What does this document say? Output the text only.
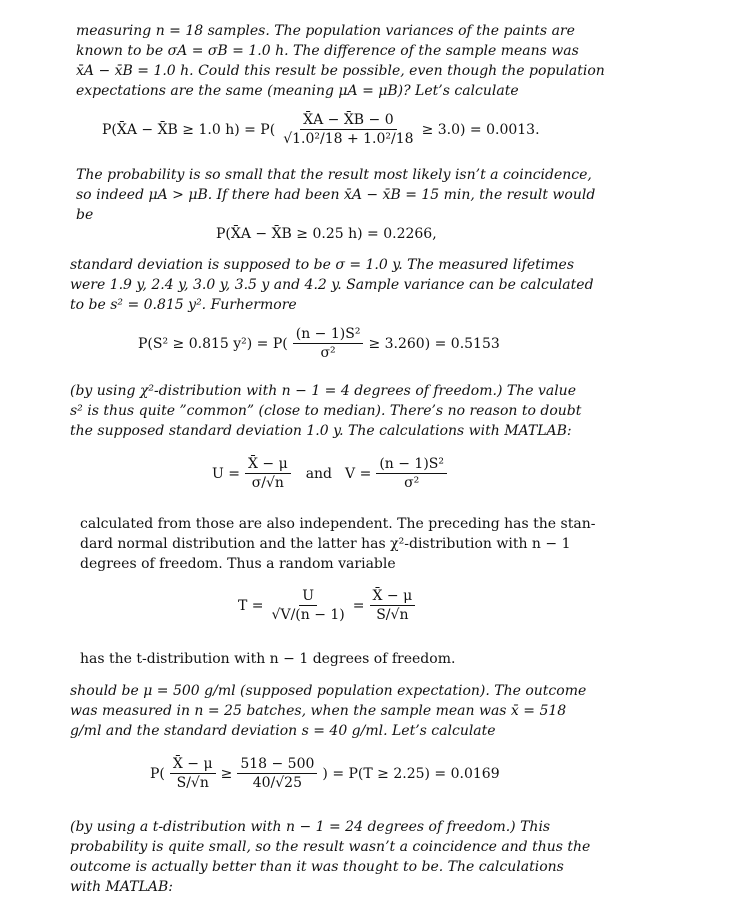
measuring n = 18 samples. The population variances of the paints are
known to be σA = σB = 1.0 h. The difference of the sample means was
x̄A − x̄B = 1.0 h. Could this result be possible, even though the population
expectations are the same (meaning μA = μB)? Let’s calculate
P(X̄A − X̄B ≥ 1.0 $h) = P( \frac{X̄A - X̄B - 0}{\text{√1.0²/18 + 1.0²/18}} \ge 3.0) = 0.0013$.
The probability is so small that the result most likely isn’t a coincidence,
so indeed μA > μB. If there had been x̄A − x̄B = 15 min, the result would
be
P(X̄A − X̄B ≥ 0.25 h) = 0.2266,
standard deviation is supposed to be σ = 1.0 y. The measured lifetimes
were 1.9 y, 2.4 y, 3.0 y, 3.5 y and 4.2 y. Sample variance can be calculated
to be s² = 0.815 y². Furhermore
P(S² ≥ 0.815 $y^2) = P( \frac{\text{(n − 1)S²}}{\text{σ²}} \ge 3.260) = 0.5153$
(by using χ²-distribution with n − 1 = 4 degrees of freedom.) The value
s² is thus quite ”common” (close to median). There’s no reason to doubt
the supposed standard deviation 1.0 y. The calculations with MATLAB:
$U = \frac{X̄ - \mu}{\sigma/√n}$ and $V = \frac{\text{(n − 1)S²}}{\text{σ²}}$
calculated from those are also independent. The preceding has the stan-
dard normal distribution and the latter has χ²-distribution with n − 1
degrees of freedom. Thus a random variable
$T = \frac{U}{√V/(n - 1)} = \frac{X̄ - \mu}{S/√n}$
has the t-distribution with n − 1 degrees of freedom.
should be μ = 500 g/ml (supposed population expectation). The outcome
was measured in n = 25 batches, when the sample mean was x̄ = 518
g/ml and the standard deviation s = 40 g/ml. Let’s calculate
$P( \frac{X̄ - \mu}{S/√n} \ge \frac{518 - 500}{40/√25}$ ) = P(T ≥ 2.25) = 0.0169
(by using a t-distribution with n − 1 = 24 degrees of freedom.) This
probability is quite small, so the result wasn’t a coincidence and thus the
outcome is actually better than it was thought to be. The calculations
with MATLAB:
